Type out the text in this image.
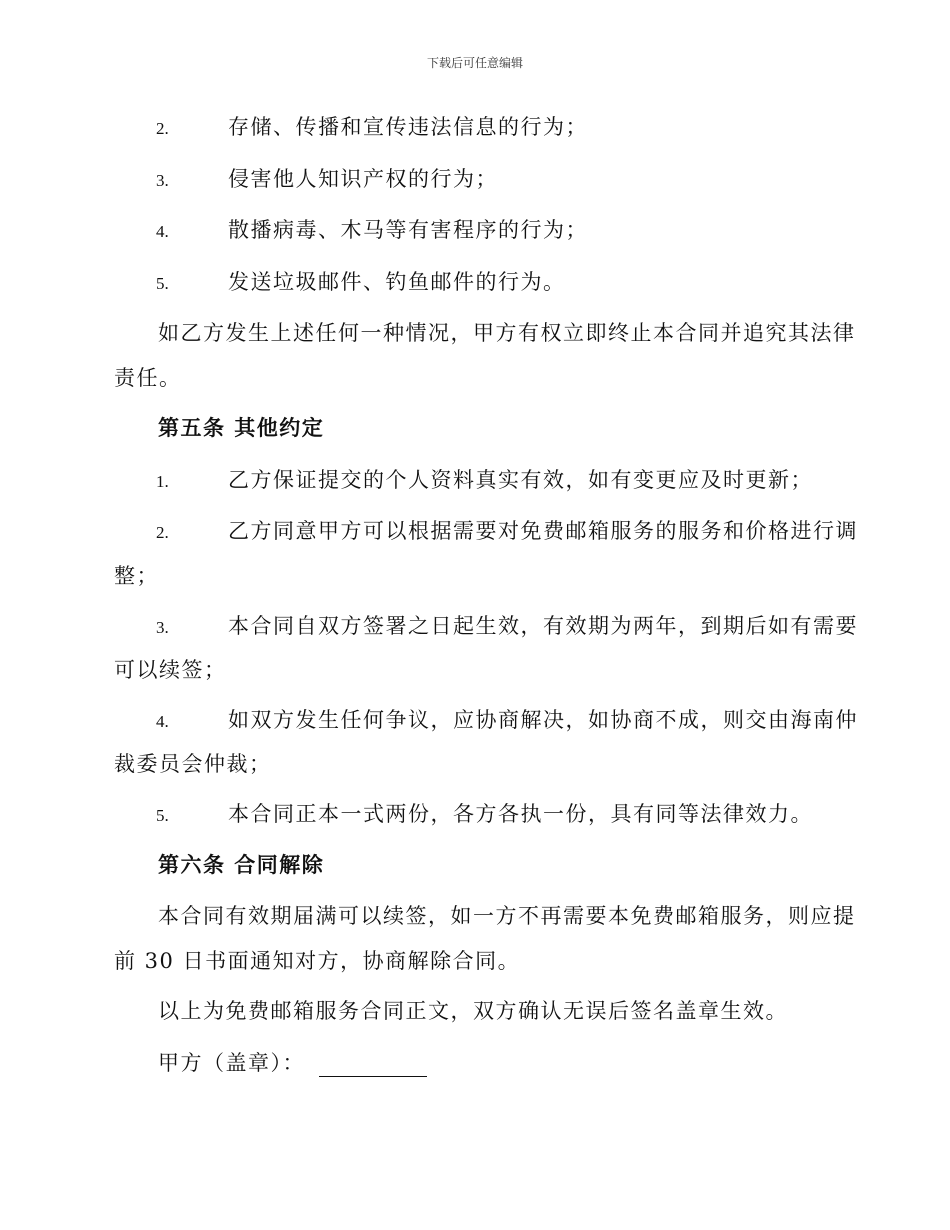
下载后可任意编辑
2.	存储、传播和宣传违法信息的行为；
3.	侵害他人知识产权的行为；
4.	散播病毒、木马等有害程序的行为；
5.	发送垃圾邮件、钓鱼邮件的行为。
如乙方发生上述任何一种情况，甲方有权立即终止本合同并追究其法律
责任。
第五条 其他约定
1.	乙方保证提交的个人资料真实有效，如有变更应及时更新；
2.	乙方同意甲方可以根据需要对免费邮箱服务的服务和价格进行调
整；
3.	本合同自双方签署之日起生效，有效期为两年，到期后如有需要
可以续签；
4.	如双方发生任何争议，应协商解决，如协商不成，则交由海南仲
裁委员会仲裁；
5.	本合同正本一式两份，各方各执一份，具有同等法律效力。
第六条 合同解除
本合同有效期届满可以续签，如一方不再需要本免费邮箱服务，则应提
前 30 日书面通知对方，协商解除合同。
以上为免费邮箱服务合同正文，双方确认无误后签名盖章生效。
甲方（盖章）：
